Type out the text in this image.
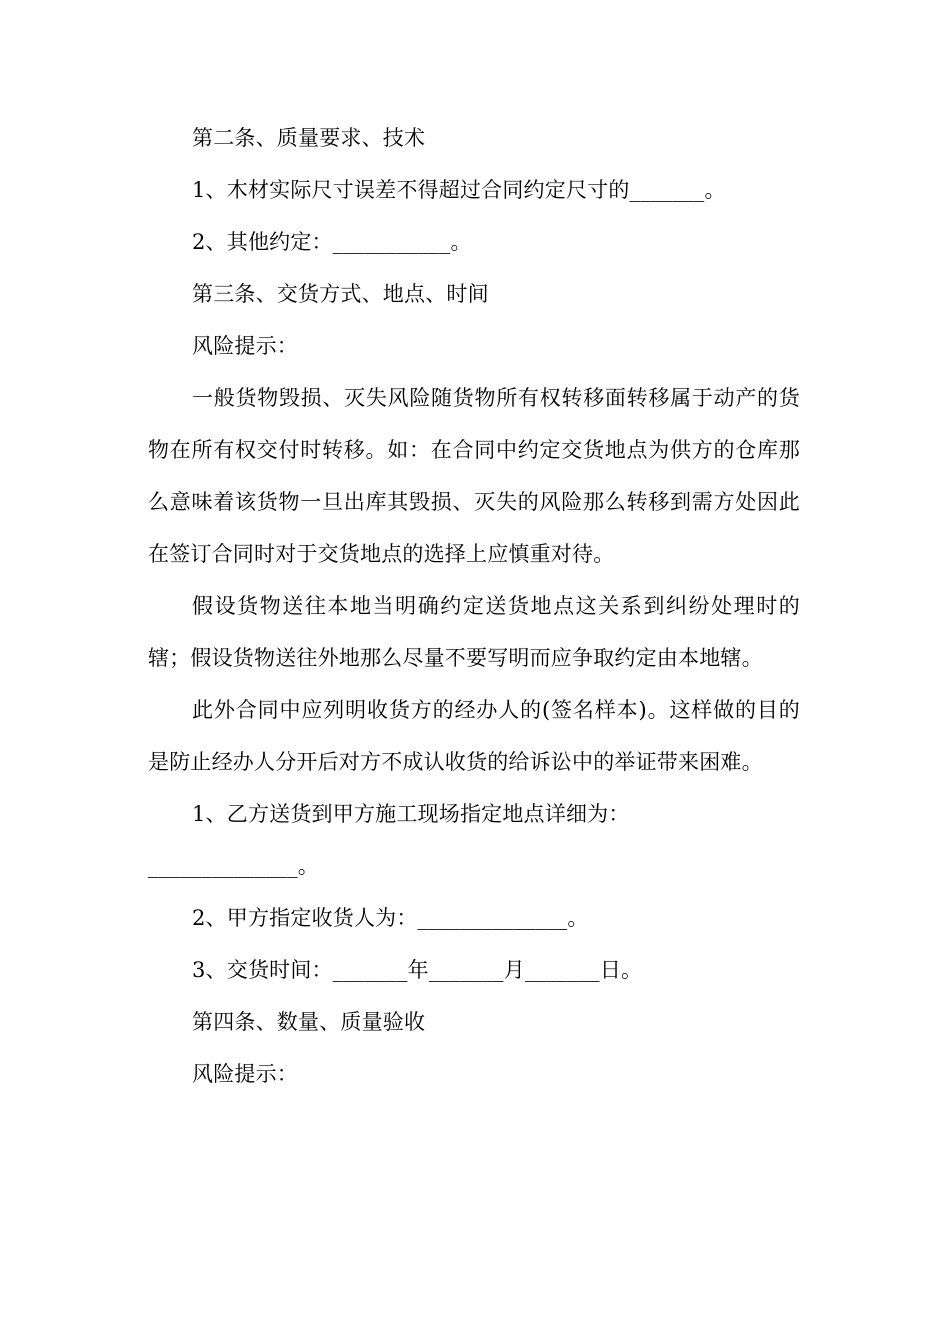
第二条、质量要求、技术

1、木材实际尺寸误差不得超过合同约定尺寸的_______。

2、其他约定：___________。

第三条、交货方式、地点、时间

风险提示：

一般货物毁损、灭失风险随货物所有权转移面转移属于动产的货物在所有权交付时转移。如：在合同中约定交货地点为供方的仓库那么意味着该货物一旦出库其毁损、灭失的风险那么转移到需方处因此在签订合同时对于交货地点的选择上应慎重对待。

假设货物送往本地当明确约定送货地点这关系到纠纷处理时的辖；假设货物送往外地那么尽量不要写明而应争取约定由本地辖。

此外合同中应列明收货方的经办人的(签名样本)。这样做的目的是防止经办人分开后对方不成认收货的给诉讼中的举证带来困难。

1、乙方送货到甲方施工现场指定地点详细为：

______________。

2、甲方指定收货人为：______________。

3、交货时间：_______年_______月_______日。

第四条、数量、质量验收

风险提示：
